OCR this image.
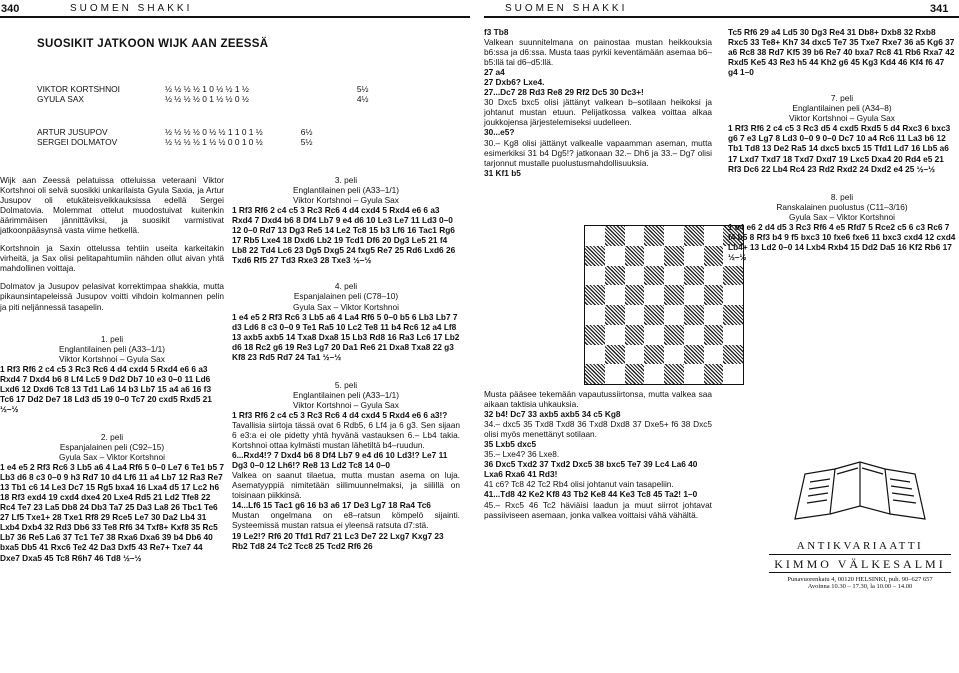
340	SUOMEN SHAKKI	SUOMEN SHAKKI	341
SUOSIKIT JATKOON WIJK AAN ZEESSÄ
VIKTOR KORTSHNOI	½ ½ ½ ½ 1 0 ½ ½ 1 ½	5½
GYULA SAX	½ ½ ½ ½ 0 1 ½ ½ 0 ½	4½
ARTUR JUSUPOV	½ ½ ½ ½ 0 ½ ½ 1 1 0 1 ½	6½
SERGEI DOLMATOV	½ ½ ½ ½ 1 ½ ½ 0 0 1 0 ½	5½

Wijk aan Zeessä pelatuissa otteluissa veteraani Viktor Kortshnoi oli selvä suosikki unkarilaista Gyula Saxia, ja Artur Jusupov oli etukäteisveikkauksissa edellä Sergei Dolmatovia. Molemmat ottelut muodostuivat kuitenkin äärimmäisen jännittäviksi, ja suosikit varmistivat jatkoonpääsynsä vasta viime hetkellä.

Kortshnoin ja Saxin ottelussa tehtiin useita karkeitakin virheitä, ja Sax olisi pelitapahtumiin nähden ollut aivan yhtä mahdollinen voittaja.

Dolmatov ja Jusupov pelasivat korrektimpaa shakkia, mutta pikaunsintapeleissä Jusupov voitti vihdoin kolmannen pelin ja piti neljännessä tasapelin.

1. peli

Englantilainen peli (A33–1/1)

Viktor Kortshnoi – Gyula Sax

1 Rf3 Rf6 2 c4 c5 3 Rc3 Rc6 4 d4 cxd4 5 Rxd4 e6 6 a3 Rxd4 7 Dxd4 b6 8 Lf4 Lc5 9 Dd2 Db7 10 e3 0–0 11 Ld6 Lxd6 12 Dxd6 Tc8 13 Td1 La6 14 b3 Lb7 15 a4 a6 16 f3 Tc6 17 Dd2 De7 18 Ld3 d5 19 0–0 Tc7 20 cxd5 Rxd5 21 ½–½

2. peli

Espanjalainen peli (C92–15)

Gyula Sax – Viktor Kortshnoi

1 e4 e5 2 Rf3 Rc6 3 Lb5 a6 4 La4 Rf6 5 0–0 Le7 6 Te1 b5 7 Lb3 d6 8 c3 0–0 9 h3 Rd7 10 d4 Lf6 11 a4 Lb7 12 Ra3 Re7 13 Tb1 c6 14 Le3 Dc7 15 Rg5 bxa4 16 Lxa4 d5 17 Lc2 h6 18 Rf3 exd4 19 cxd4 dxe4 20 Lxe4 Rd5 21 Ld2 Tfe8 22 Rc4 Te7 23 La5 Db8 24 Db3 Ta7 25 Da3 La8 26 Tbc1 Te6 27 Lf5 Txe1+ 28 Txe1 Rf8 29 Rce5 Le7 30 Da2 Lb4 31 Lxb4 Dxb4 32 Rd3 Db6 33 Te8 Rf6 34 Txf8+ Kxf8 35 Rc5 Lb7 36 Re5 La6 37 Tc1 Te7 38 Rxa6 Dxa6 39 b4 Db6 40 bxa5 Db5 41 Rxc6 Te2 42 Da3 Dxf5 43 Re7+ Txe7 44 Dxe7 Dxa5 45 Tc8 R6h7 46 Td8 ½–½

3. peli

Englantilainen peli (A33–1/1)

Viktor Kortshnoi – Gyula Sax

1 Rf3 Rf6 2 c4 c5 3 Rc3 Rc6 4 d4 cxd4 5 Rxd4 e6 6 a3 Rxd4 7 Dxd4 b6 8 Df4 Lb7 9 e4 d6 10 Le3 Le7 11 Ld3 0–0 12 0–0 Rd7 13 Dg3 Re5 14 Le2 Tc8 15 b3 Lf6 16 Tac1 Rg6 17 Rb5 Lxe4 18 Dxd6 Lb2 19 Tcd1 Df6 20 Dg3 Le5 21 f4 Lb8 22 Td4 Lc6 23 Dg5 Dxg5 24 fxg5 Re7 25 Rd6 Lxd6 26 Txd6 Rf5 27 Td3 Rxe3 28 Txe3 ½–½

4. peli

Espanjalainen peli (C78–10)

Gyula Sax – Viktor Kortshnoi

1 e4 e5 2 Rf3 Rc6 3 Lb5 a6 4 La4 Rf6 5 0–0 b5 6 Lb3 Lb7 7 d3 Ld6 8 c3 0–0 9 Te1 Ra5 10 Lc2 Te8 11 b4 Rc6 12 a4 Lf8 13 axb5 axb5 14 Txa8 Dxa8 15 Lb3 Rd8 16 Ra3 Lc6 17 Lb2 d6 18 Rc2 g6 19 Re3 Lg7 20 Da1 Re6 21 Dxa8 Txa8 22 g3 Kf8 23 Rd5 Rd7 24 Ta1 ½–½

5. peli

Englantilainen peli (A33–1/1)

Viktor Kortshnoi – Gyula Sax

1 Rf3 Rf6 2 c4 c5 3 Rc3 Rc6 4 d4 cxd4 5 Rxd4 e6 6 a3!?

Tavallisia siirtoja tässä ovat 6 Rdb5, 6 Lf4 ja 6 g3. Sen sijaan 6 e3:a ei ole pidetty yhtä hyvänä vastauksen 6.– Lb4 takia. Kortshnoi ottaa kylmästi mustan lähetiltä b4–ruudun.

6...Rxd4!? 7 Dxd4 b6 8 Df4 Lb7 9 e4 d6 10 Ld3!? Le7 11 Dg3 0–0 12 Lh6!? Re8 13 Ld2 Tc8 14 0–0

Valkea on saanut tilaetua, mutta mustan asema on luja. Asematyyppiä nimitetään siilimuunnelmaksi, ja siilillä on toisinaan piikkinsä.

14...Lf6 15 Tac1 g6 16 b3 a6 17 De3 Lg7 18 Ra4 Tc6

Mustan ongelmana on e8–ratsun kömpelö sijainti. Systeemissä mustan ratsua ei yleensä ratsuta d7:stä.

19 Le2!? Rf6 20 Tfd1 Rd7 21 Lc3 De7 22 Lxg7 Kxg7 23 Rb2 Td8 24 Tc2 Tcc8 25 Tcd2 Rf6 26

f3 Tb8

Valkean suunnitelmana on painostaa mustan heikkouksia b6:ssa ja d6:ssa. Musta taas pyrkii keventämään asemaa b6–b5:llä tai d6–d5:llä.

27 a4
27 Dxb6? Lxe4.

27...Dc7 28 Rd3 Re8 29 Rf2 Dc5 30 Dc3+!

30 Dxc5 bxc5 olisi jättänyt valkean b–sotilaan heikoksi ja johtanut mustan etuun. Pelijatkossa valkea voittaa alkaa joukkojensa järjestelemiseksi uudelleen.

30...e5?

30.– Kg8 olisi jättänyt valkealle vapaamman aseman, mutta esimerkiksi 31 b4 Dg5!? jatkonaan 32.– Dh6 ja 33.– Dg7 olisi tarjonnut mustalle puolustusmahdollisuuksia.

31 Kf1 b5

Musta pääsee tekemään vapautussiirtonsa, mutta valkea saa aikaan taktisia uhkauksia.

32 b4! Dc7 33 axb5 axb5 34 c5 Kg8

34.– dxc5 35 Txd8 Txd8 36 Txd8 Dxd8 37 Dxe5+ f6 38 Dxc5 olisi myös menettänyt sotilaan.

35 Lxb5 dxc5

35.– Lxe4? 36 Lxe8.

36 Dxc5 Txd2 37 Txd2 Dxc5 38 bxc5 Te7 39 Lc4 La6 40 Lxa6 Rxa6 41 Rd3!

41 c6? Tc8 42 Tc2 Rb4 olisi johtanut vain tasapeliin.

41...Td8 42 Ke2 Kf8 43 Tb2 Ke8 44 Ke3 Tc8 45 Ta2! 1–0

45.– Rxc5 46 Tc2 häviäisi laadun ja muut siirrot johtavat passiiviseen asemaan, jonka valkea voittaisi vähä vähältä.

Tc5 Rf6 29 a4 Ld5 30 Dg3 Re4 31 Db8+ Dxb8 32 Rxb8 Rxc5 33 Te8+ Kh7 34 dxc5 Te7 35 Txe7 Rxe7 36 a5 Kg6 37 a6 Rc8 38 Rd7 Kf5 39 b6 Re7 40 bxa7 Rc8 41 Rb6 Rxa7 42 Rxd5 Ke5 43 Re3 h5 44 Kh2 g6 45 Kg3 Kd4 46 Kf4 f6 47 g4 1–0

7. peli

Englantilainen peli (A34–8)

Viktor Kortshnoi – Gyula Sax

1 Rf3 Rf6 2 c4 c5 3 Rc3 d5 4 cxd5 Rxd5 5 d4 Rxc3 6 bxc3 g6 7 e3 Lg7 8 Ld3 0–0 9 0–0 Dc7 10 a4 Rc6 11 La3 b6 12 Tb1 Td8 13 De2 Ra5 14 dxc5 bxc5 15 Tfd1 Ld7 16 Lb5 a6 17 Lxd7 Txd7 18 Txd7 Dxd7 19 Lxc5 Dxa4 20 Rd4 e5 21 Rf3 Dc6 22 Lb4 Rc4 23 Rd2 Rxd2 24 Dxd2 e4 25 ½–½

8. peli

Ranskalainen puolustus (C11–3/16)

Gyula Sax – Viktor Kortshnoi

1 e4 e6 2 d4 d5 3 Rc3 Rf6 4 e5 Rfd7 5 Rce2 c5 6 c3 Rc6 7 f4 b5 8 Rf3 b4 9 f5 bxc3 10 fxe6 fxe6 11 bxc3 cxd4 12 cxd4 Lb4+ 13 Ld2 0–0 14 Lxb4 Rxb4 15 Dd2 Da5 16 Kf2 Rb6 17 ½–½

ANTIKVARIAATTI
KIMMO VÄLKESALMI
Punavuorenkatu 4, 00120 HELSINKI, puh. 90–627 657
Avoinna 10.30 – 17.30, la 10.00 – 14.00
